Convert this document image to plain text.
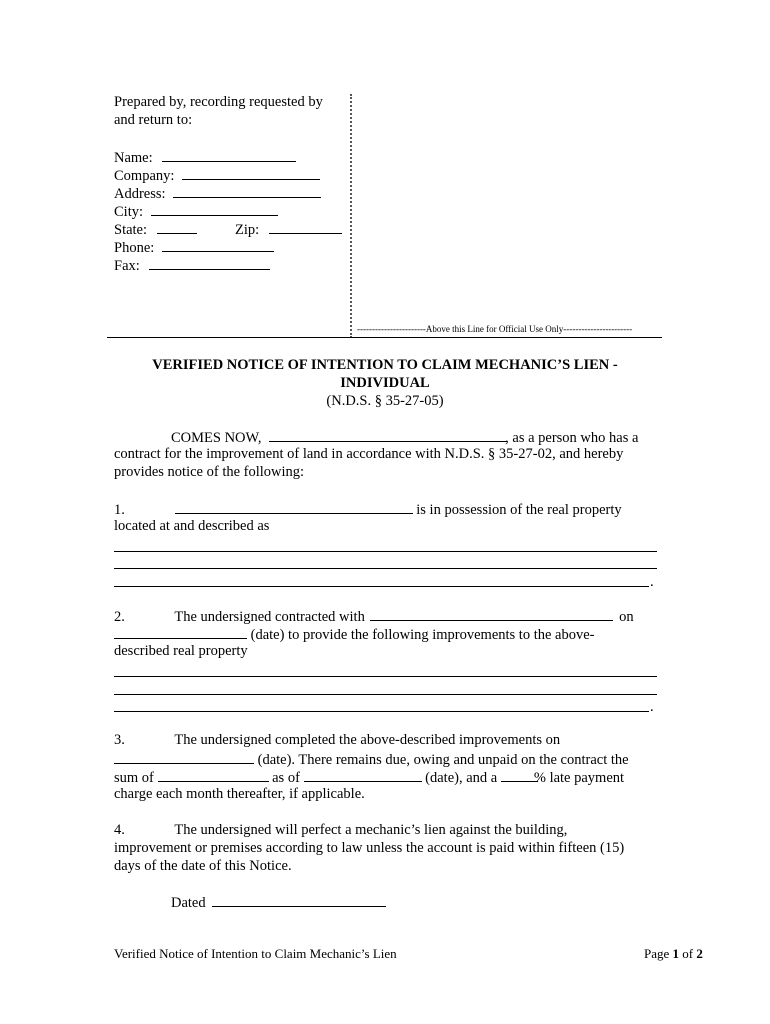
Prepared by, recording requested by
and return to:
Name:
Company:
Address:
City:
State:	Zip:
Phone:
Fax:
-----------------------Above this Line for Official Use Only-----------------------
VERIFIED NOTICE OF INTENTION TO CLAIM MECHANIC’S LIEN -
INDIVIDUAL
(N.D.S. § 35-27-05)
COMES NOW,	, as a person who has a
contract for the improvement of land in accordance with N.D.S. § 35-27-02, and hereby
provides notice of the following:
1.	is in possession of the real property
located at and described as
.
2.	The undersigned contracted with	on
(date) to provide the following improvements to the above-
described real property
.
3.	The undersigned completed the above-described improvements on
(date). There remains due, owing and unpaid on the contract the
sum of	as of	(date), and a	% late payment
charge each month thereafter, if applicable.
4.	The undersigned will perfect a mechanic’s lien against the building,
improvement or premises according to law unless the account is paid within fifteen (15)
days of the date of this Notice.
Dated
Verified Notice of Intention to Claim Mechanic’s Lien	Page 1 of 2
